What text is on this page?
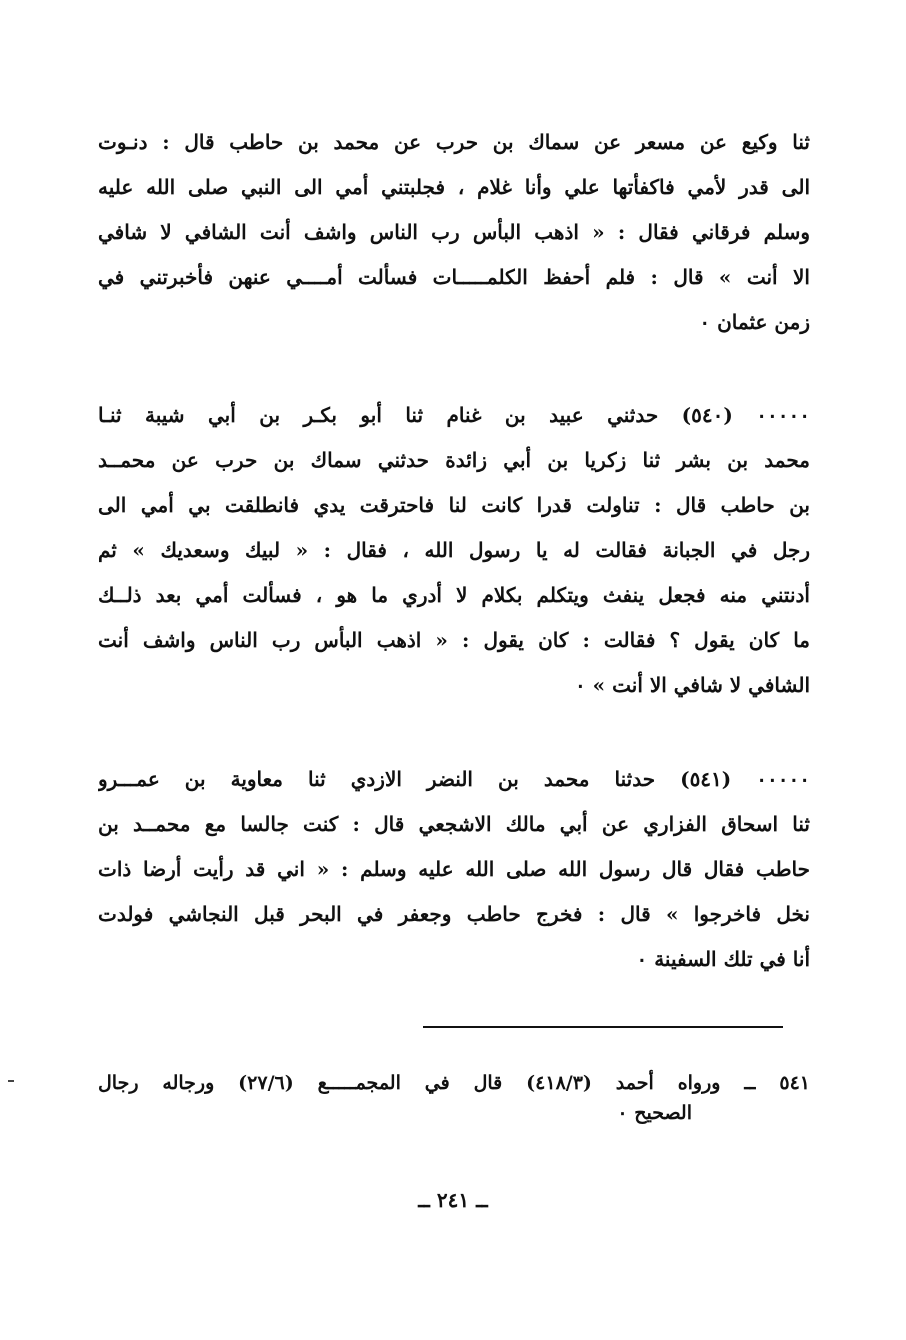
ثنا وكيع عن مسعر عن سماك بن حرب عن محمد بن حاطب قال : دنـوت
الى قدر لأمي فاكفأتها علي وأنا غلام ، فجلبتني أمي الى النبي صلى الله عليه
وسلم فرقاني فقال : « اذهب البأس رب الناس واشف أنت الشافي لا شافي
الا أنت » قال : فلم أحفظ الكلمـــــات فسألت أمــــي عنهن فأخبرتني في
زمن عثمان ٠
٠٠٠٠٠ (٥٤٠) حدثني عبيد بن غنام ثنا أبو بكـر بن أبي شيبة ثنـا
محمد بن بشر ثنا زكريا بن أبي زائدة حدثني سماك بن حرب عن محمــد
بن حاطب قال : تناولت قدرا كانت لنا فاحترقت يدي فانطلقت بي أمي الى
رجل في الجبانة فقالت له يا رسول الله ، فقال : « لبيك وسعديك » ثم
أدنتني منه فجعل ينفث ويتكلم بكلام لا أدري ما هو ، فسألت أمي بعد ذلــك
ما كان يقول ؟ فقالت : كان يقول : « اذهب البأس رب الناس واشف أنت
الشافي لا شافي الا أنت » ٠
٠٠٠٠٠ (٥٤١) حدثنا محمد بن النضر الازدي ثنا معاوية بن عمـــرو
ثنا اسحاق الفزاري عن أبي مالك الاشجعي قال : كنت جالسا مع محمــد بن
حاطب فقال قال رسول الله صلى الله عليه وسلم : « اني قد رأيت أرضا ذات
نخل فاخرجوا » قال : فخرج حاطب وجعفر في البحر قبل النجاشي فولدت
أنا في تلك السفينة ٠
٥٤١ ــ ورواه أحمد (٤١٨/٣) قال في المجمـــــع (٢٧/٦) ورجاله رجال
الصحيح ٠
ــ ٢٤١ ــ
